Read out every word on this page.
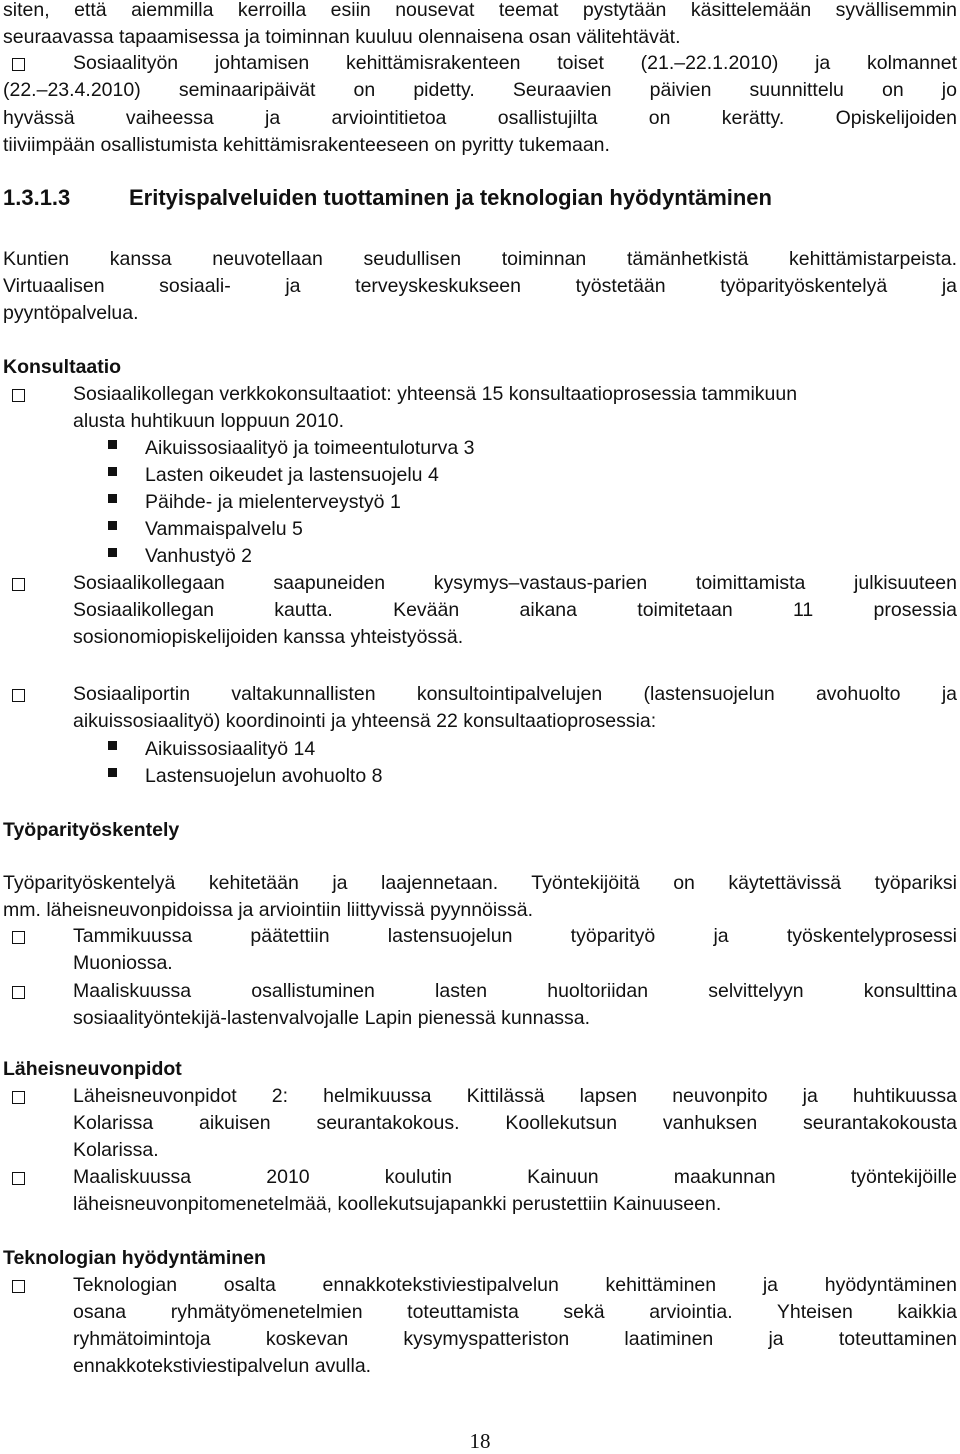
siten, että aiemmilla kerroilla esiin nousevat teemat pystytään käsittelemään syvällisemmin
seuraavassa tapaamisessa ja toiminnan kuuluu olennaisena osan välitehtävät.
Sosiaalityön johtamisen kehittämisrakenteen toiset (21.–22.1.2010) ja kolmannet
(22.–23.4.2010) seminaaripäivät on pidetty. Seuraavien päivien suunnittelu on jo
hyvässä vaiheessa ja arviointitietoa osallistujilta on kerätty. Opiskelijoiden
tiiviimpään osallistumista kehittämisrakenteeseen on pyritty tukemaan.
1.3.1.3	Erityispalveluiden tuottaminen ja teknologian hyödyntäminen
Kuntien kanssa neuvotellaan seudullisen toiminnan tämänhetkistä kehittämistarpeista.
Virtuaalisen sosiaali- ja terveyskeskukseen työstetään työparityöskentelyä ja
pyyntöpalvelua.
Konsultaatio
Sosiaalikollegan verkkokonsultaatiot: yhteensä 15 konsultaatioprosessia tammikuun
alusta huhtikuun loppuun 2010.
Aikuissosiaalityö ja toimeentuloturva 3
Lasten oikeudet ja lastensuojelu 4
Päihde- ja mielenterveystyö 1
Vammaispalvelu 5
Vanhustyö 2
Sosiaalikollegaan saapuneiden kysymys–vastaus-parien toimittamista julkisuuteen
Sosiaalikollegan kautta. Kevään aikana toimitetaan 11 prosessia
sosionomiopiskelijoiden kanssa yhteistyössä.
Sosiaaliportin valtakunnallisten konsultointipalvelujen (lastensuojelun avohuolto ja
aikuissosiaalityö) koordinointi ja yhteensä 22 konsultaatioprosessia:
Aikuissosiaalityö 14
Lastensuojelun avohuolto 8
Työparityöskentely
Työparityöskentelyä kehitetään ja laajennetaan. Työntekijöitä on käytettävissä työpariksi
mm. läheisneuvonpidoissa ja arviointiin liittyvissä pyynnöissä.
Tammikuussa päätettiin lastensuojelun työparityö ja työskentelyprosessi
Muoniossa.
Maaliskuussa osallistuminen lasten huoltoriidan selvittelyyn konsulttina
sosiaalityöntekijä-lastenvalvojalle Lapin pienessä kunnassa.
Läheisneuvonpidot
Läheisneuvonpidot 2: helmikuussa Kittilässä lapsen neuvonpito ja huhtikuussa
Kolarissa aikuisen seurantakokous. Koollekutsun vanhuksen seurantakokousta
Kolarissa.
Maaliskuussa 2010 koulutin Kainuun maakunnan työntekijöille
läheisneuvonpitomenetelmää, koollekutsujapankki perustettiin Kainuuseen.
Teknologian hyödyntäminen
Teknologian osalta ennakkotekstiviestipalvelun kehittäminen ja hyödyntäminen
osana ryhmätyömenetelmien toteuttamista sekä arviointia. Yhteisen kaikkia
ryhmätoimintoja koskevan kysymyspatteriston laatiminen ja toteuttaminen
ennakkotekstiviestipalvelun avulla.
18
